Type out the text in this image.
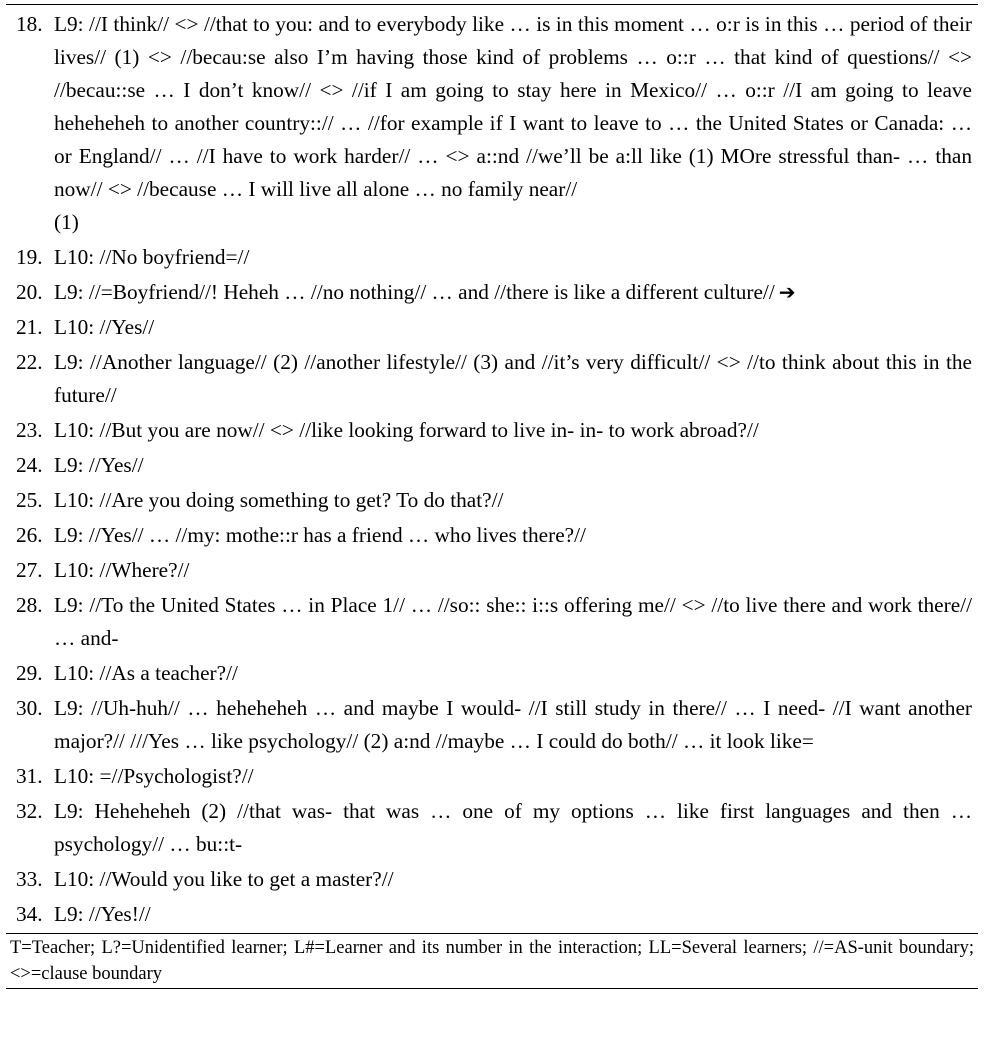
18. L9: //I think// <> //that to you: and to everybody like … is in this moment … o:r is in this … period of their lives// (1) <> //becau:se also I’m having those kind of problems … o::r … that kind of questions// <> //becau::se … I don’t know// <> //if I am going to stay here in Mexico// … o::r //I am going to leave heheheheh to another country::// … //for example if I want to leave to … the United States or Canada: … or England// … //I have to work harder// … <> a::nd //we’ll be a:ll like (1) MOre stressful than- … than now// <> //because … I will live all alone … no family near//
(1)
19. L10: //No boyfriend=//
20. L9: //=Boyfriend//! Heheh … //no nothing// … and //there is like a different culture// ➔
21. L10: //Yes//
22. L9: //Another language// (2) //another lifestyle// (3) and //it’s very difficult// <> //to think about this in the future//
23. L10: //But you are now// <> //like looking forward to live in- in- to work abroad?//
24. L9: //Yes//
25. L10: //Are you doing something to get? To do that?//
26. L9: //Yes// … //my: mothe::r has a friend … who lives there?//
27. L10: //Where?//
28. L9: //To the United States … in Place 1// … //so:: she:: i::s offering me// <> //to live there and work there// … and-
29. L10: //As a teacher?//
30. L9: //Uh-huh// … heheheheh … and maybe I would- //I still study in there// … I need- //I want another major?// ///Yes … like psychology// (2) a:nd //maybe … I could do both// … it look like=
31. L10: =//Psychologist?//
32. L9: Heheheheh (2) //that was- that was … one of my options … like first languages and then … psychology// … bu::t-
33. L10: //Would you like to get a master?//
34. L9: //Yes!//
T=Teacher; L?=Unidentified learner; L#=Learner and its number in the interaction; LL=Several learners; //=AS-unit boundary; <>=clause boundary
